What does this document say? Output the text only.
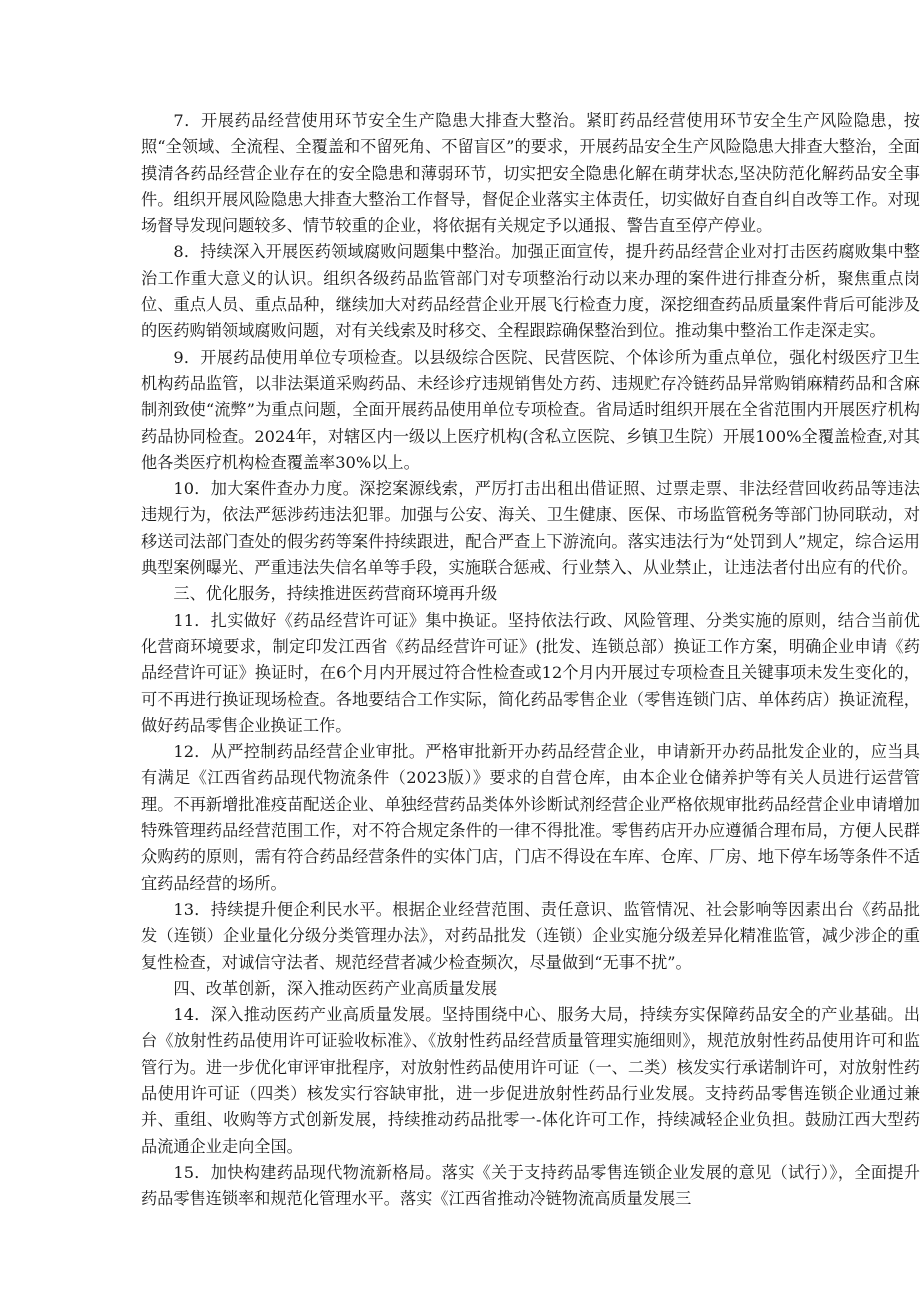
7．开展药品经营使用环节安全生产隐患大排查大整治。紧盯药品经营使用环节安全生产风险隐患，按照“全领域、全流程、全覆盖和不留死角、不留盲区”的要求，开展药品安全生产风险隐患大排查大整治，全面摸清各药品经营企业存在的安全隐患和薄弱环节，切实把安全隐患化解在萌芽状态,坚决防范化解药品安全事件。组织开展风险隐患大排查大整治工作督导，督促企业落实主体责任，切实做好自查自纠自改等工作。对现场督导发现问题较多、情节较重的企业，将依据有关规定予以通报、警告直至停产停业。

8．持续深入开展医药领域腐败问题集中整治。加强正面宣传，提升药品经营企业对打击医药腐败集中整治工作重大意义的认识。组织各级药品监管部门对专项整治行动以来办理的案件进行排查分析，聚焦重点岗位、重点人员、重点品种，继续加大对药品经营企业开展飞行检查力度，深挖细查药品质量案件背后可能涉及的医药购销领域腐败问题，对有关线索及时移交、全程跟踪确保整治到位。推动集中整治工作走深走实。

9．开展药品使用单位专项检查。以县级综合医院、民营医院、个体诊所为重点单位，强化村级医疗卫生机构药品监管，以非法渠道采购药品、未经诊疗违规销售处方药、违规贮存冷链药品异常购销麻精药品和含麻制剂致使“流弊”为重点问题，全面开展药品使用单位专项检查。省局适时组织开展在全省范围内开展医疗机构药品协同检查。2024年，对辖区内一级以上医疗机构(含私立医院、乡镇卫生院）开展100%全覆盖检查,对其他各类医疗机构检查覆盖率30%以上。

10．加大案件查办力度。深挖案源线索，严厉打击出租出借证照、过票走票、非法经营回收药品等违法违规行为，依法严惩涉药违法犯罪。加强与公安、海关、卫生健康、医保、市场监管税务等部门协同联动，对移送司法部门查处的假劣药等案件持续跟进，配合严查上下游流向。落实违法行为“处罚到人”规定，综合运用典型案例曝光、严重违法失信名单等手段，实施联合惩戒、行业禁入、从业禁止，让违法者付出应有的代价。

三、优化服务，持续推进医药营商环境再升级

11．扎实做好《药品经营许可证》集中换证。坚持依法行政、风险管理、分类实施的原则，结合当前优化营商环境要求，制定印发江西省《药品经营许可证》(批发、连锁总部）换证工作方案，明确企业申请《药品经营许可证》换证时，在6个月内开展过符合性检查或12个月内开展过专项检查且关键事项未发生变化的，可不再进行换证现场检查。各地要结合工作实际，简化药品零售企业（零售连锁门店、单体药店）换证流程，做好药品零售企业换证工作。

12．从严控制药品经营企业审批。严格审批新开办药品经营企业，申请新开办药品批发企业的，应当具有满足《江西省药品现代物流条件（2023版）》要求的自营仓库，由本企业仓储养护等有关人员进行运营管理。不再新增批准疫苗配送企业、单独经营药品类体外诊断试剂经营企业严格依规审批药品经营企业申请增加特殊管理药品经营范围工作，对不符合规定条件的一律不得批准。零售药店开办应遵循合理布局，方便人民群众购药的原则，需有符合药品经营条件的实体门店，门店不得设在车库、仓库、厂房、地下停车场等条件不适宜药品经营的场所。

13．持续提升便企利民水平。根据企业经营范围、责任意识、监管情况、社会影响等因素出台《药品批发（连锁）企业量化分级分类管理办法》，对药品批发（连锁）企业实施分级差异化精准监管，减少涉企的重复性检查，对诚信守法者、规范经营者减少检查频次，尽量做到“无事不扰”。

四、改革创新，深入推动医药产业高质量发展

14．深入推动医药产业高质量发展。坚持围绕中心、服务大局，持续夯实保障药品安全的产业基础。出台《放射性药品使用许可证验收标准》、《放射性药品经营质量管理实施细则》，规范放射性药品使用许可和监管行为。进一步优化审评审批程序，对放射性药品使用许可证（一、二类）核发实行承诺制许可，对放射性药品使用许可证（四类）核发实行容缺审批，进一步促进放射性药品行业发展。支持药品零售连锁企业通过兼并、重组、收购等方式创新发展，持续推动药品批零一-体化许可工作，持续减轻企业负担。鼓励江西大型药品流通企业走向全国。

15．加快构建药品现代物流新格局。落实《关于支持药品零售连锁企业发展的意见（试行）》，全面提升药品零售连锁率和规范化管理水平。落实《江西省推动冷链物流高质量发展三
